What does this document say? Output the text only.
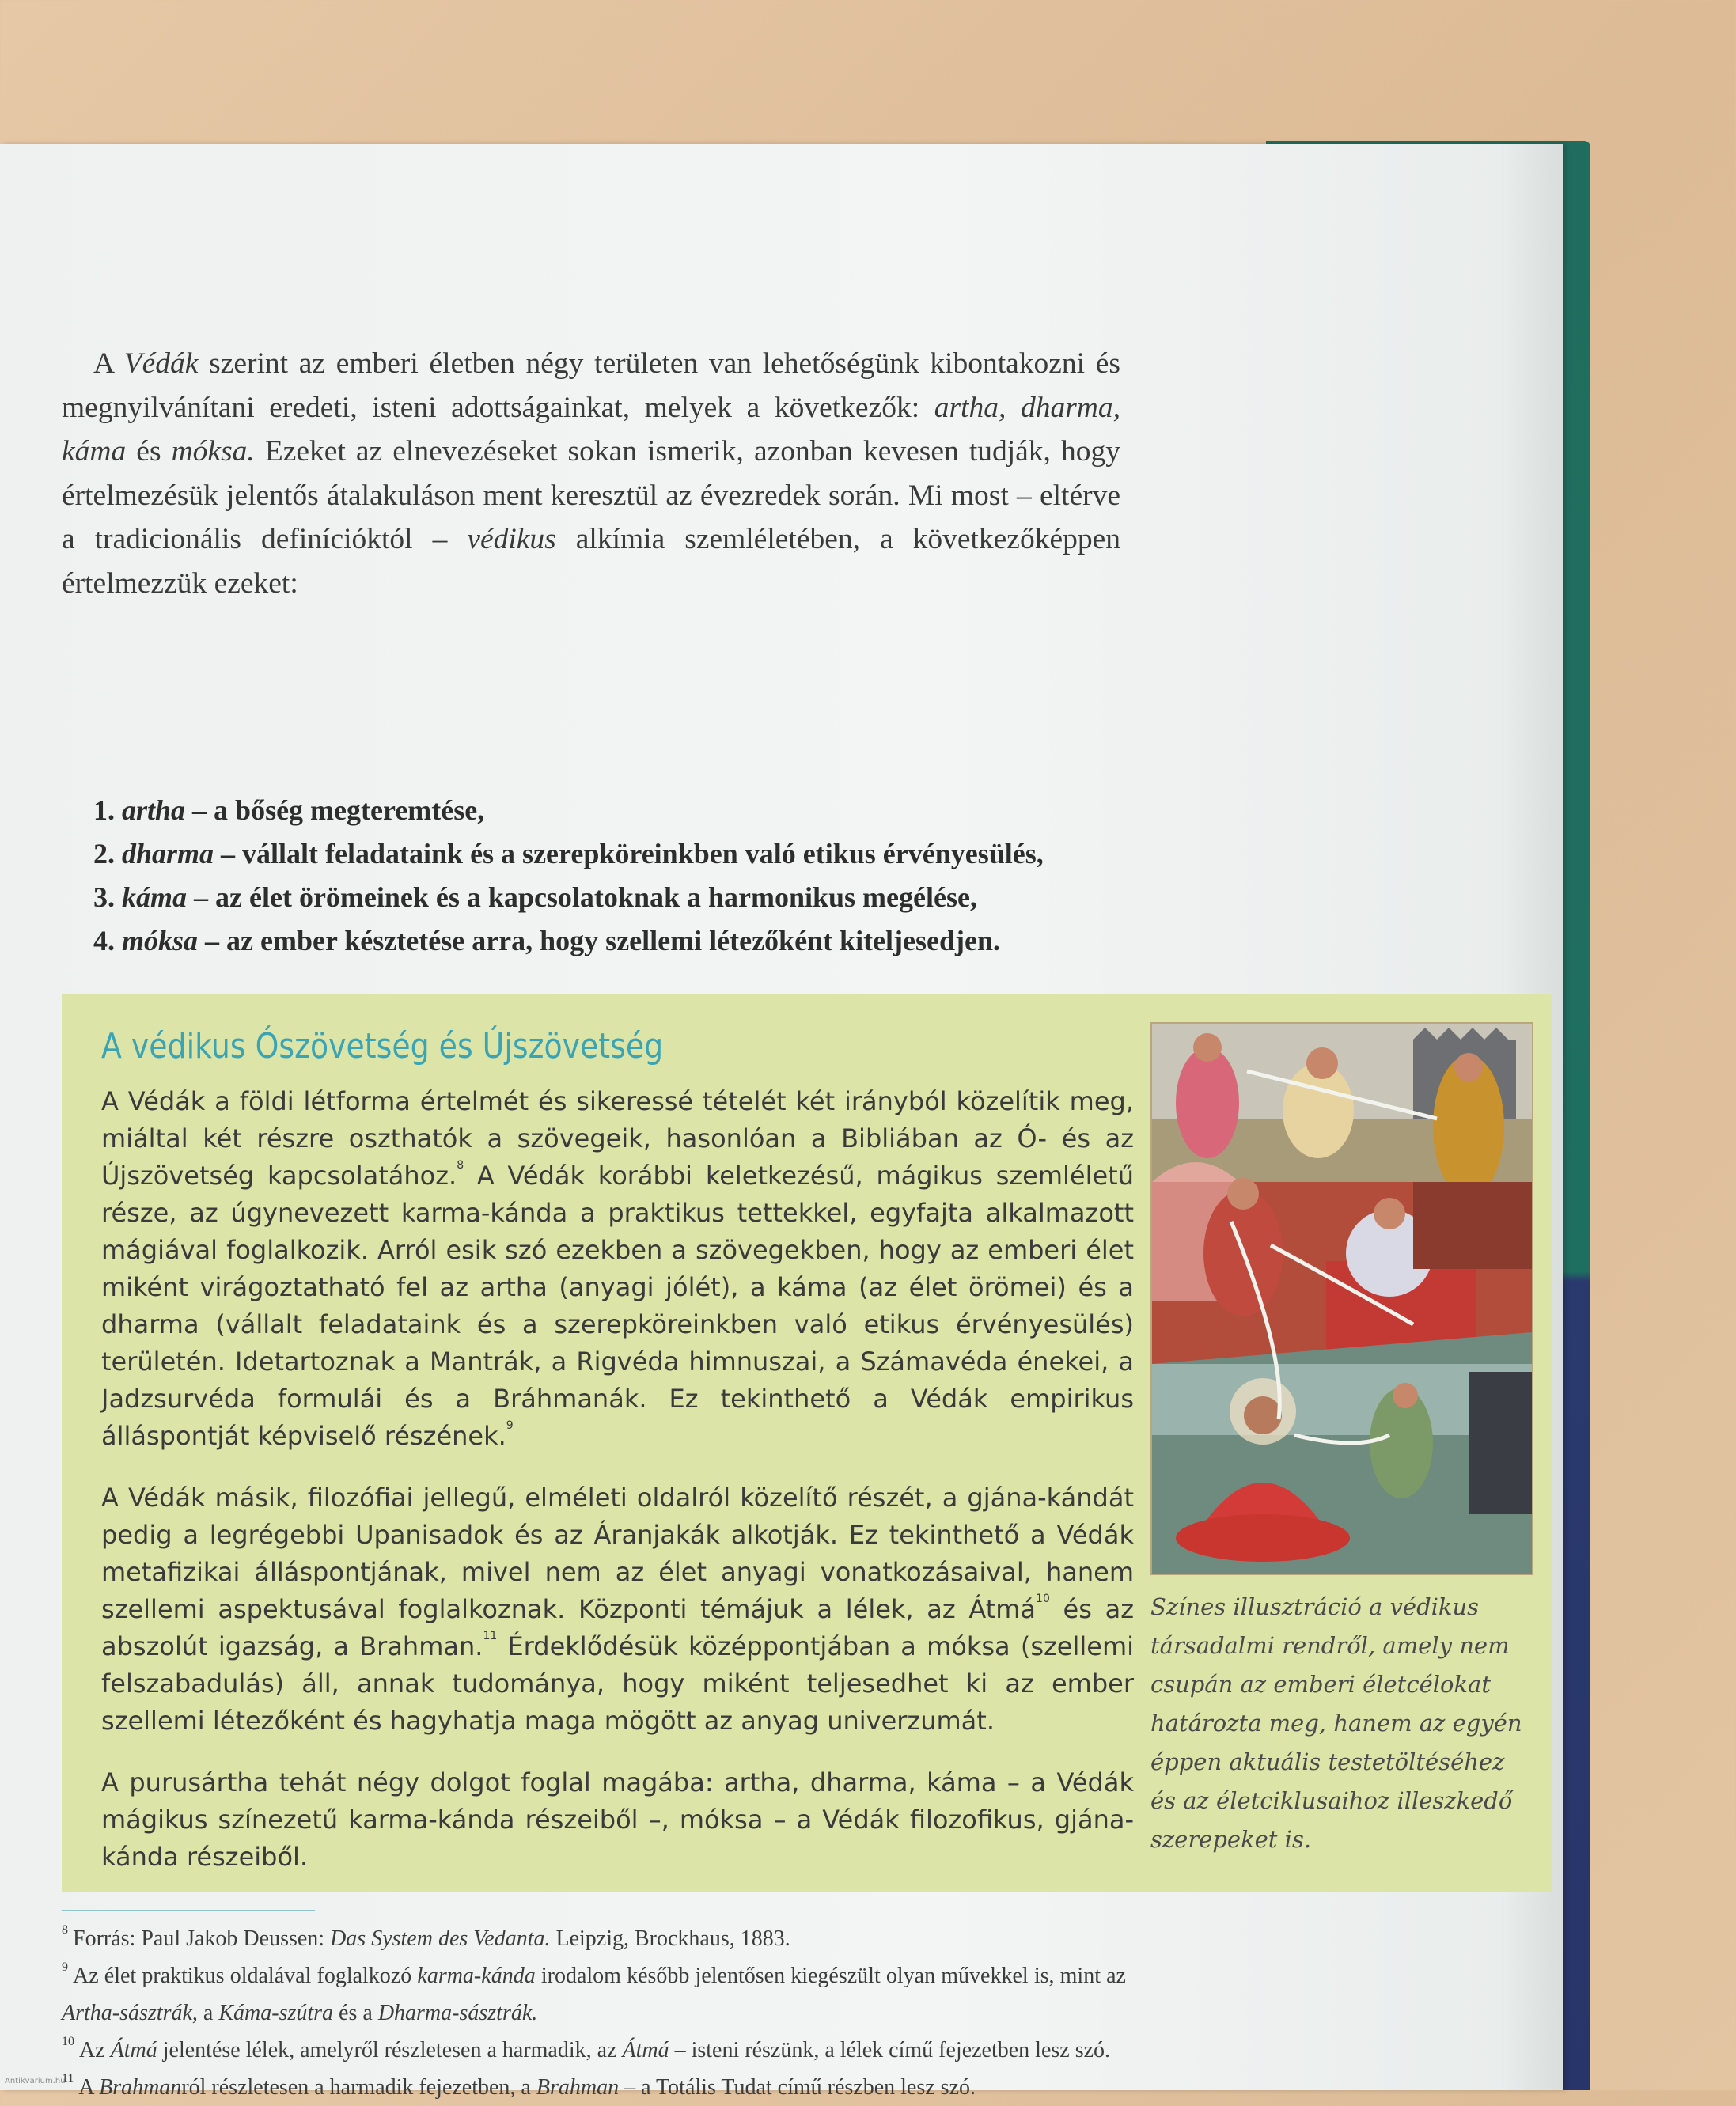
A Védák szerint az emberi életben négy területen van lehetőségünk kibontakozni és megnyilvánítani eredeti, isteni adottságainkat, melyek a következők: artha, dharma, káma és móksa. Ezeket az elnevezéseket sokan ismerik, azonban kevesen tudják, hogy értelmezésük jelentős átalakuláson ment keresztül az évezredek során. Mi most – eltérve a tradicionális definícióktól – védikus alkímia szemléletében, a következőképpen értelmezzük ezeket:

1. artha – a bőség megteremtése,
2. dharma – vállalt feladataink és a szerepköreinkben való etikus érvényesülés,
3. káma – az élet örömeinek és a kapcsolatoknak a harmonikus megélése,
4. móksa – az ember késztetése arra, hogy szellemi létezőként kiteljesedjen.
A védikus Ószövetség és Újszövetség

A Védák a földi létforma értelmét és sikeressé tételét két irányból közelítik meg, miáltal két részre oszthatók a szövegeik, hasonlóan a Bibliában az Ó- és az Újszövetség kapcsolatához.$^8$ A Védák korábbi keletkezésű, mágikus szemléletű része, az úgynevezett karma-kánda a praktikus tettekkel, egyfajta alkalmazott mágiával foglalkozik. Arról esik szó ezekben a szövegekben, hogy az emberi élet miként virágoztatható fel az artha (anyagi jólét), a káma (az élet örömei) és a dharma (vállalt feladataink és a szerepköreinkben való etikus érvényesülés) területén. Idetartoznak a Mantrák, a Rigvéda himnuszai, a Számavéda énekei, a Jadzsurvéda formulái és a Bráhmanák. Ez tekinthető a Védák empirikus álláspontját képviselő részének.$^9$

A Védák másik, filozófiai jellegű, elméleti oldalról közelítő részét, a gjána-kándát pedig a legrégebbi Upanisadok és az Áranjakák alkotják. Ez tekinthető a Védák metafizikai álláspontjának, mivel nem az élet anyagi vonatkozásaival, hanem szellemi aspektusával foglalkoznak. Központi témájuk a lélek, az Átmá$^{10}$ és az abszolút igazság, a Brahman.$^{11}$ Érdeklődésük középpontjában a móksa (szellemi felszabadulás) áll, annak tudománya, hogy miként teljesedhet ki az ember szellemi létezőként és hagyhatja maga mögött az anyag univerzumát.

A purusártha tehát négy dolgot foglal magába: artha, dharma, káma – a Védák mágikus színezetű karma-kánda részeiből –, móksa – a Védák filozofikus, gjána-kánda részeiből.

Színes illusztráció a védikus társadalmi rendről, amely nem csupán az emberi életcélokat határozta meg, hanem az egyén éppen aktuális testetöltéséhez és az életciklusaihoz illeszkedő szerepeket is.

$^8$ Forrás: Paul Jakob Deussen: Das System des Vedanta. Leipzig, Brockhaus, 1883.

$^9$ Az élet praktikus oldalával foglalkozó karma-kánda irodalom később jelentősen kiegészült olyan művekkel is, mint az Artha-sásztrák, a Káma-szútra és a Dharma-sásztrák.

$^{10}$ Az Átmá jelentése lélek, amelyről részletesen a harmadik, az Átmá – isteni részünk, a lélek című fejezetben lesz szó.

$^{11}$ A Brahmanról részletesen a harmadik fejezetben, a Brahman – a Totális Tudat című részben lesz szó.

Antikvarium.hu
